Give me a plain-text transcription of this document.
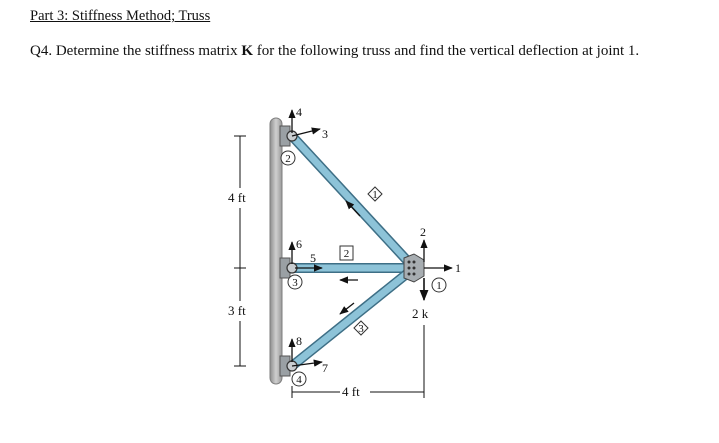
Part 3: Stiffness Method; Truss
Q4. Determine the stiffness matrix K for the following truss and find the vertical deflection at joint 1.
2 k
1
2
3
1
2
3
4
1
2
3
4
5
6
7
8
4 ft
3 ft
4 ft
